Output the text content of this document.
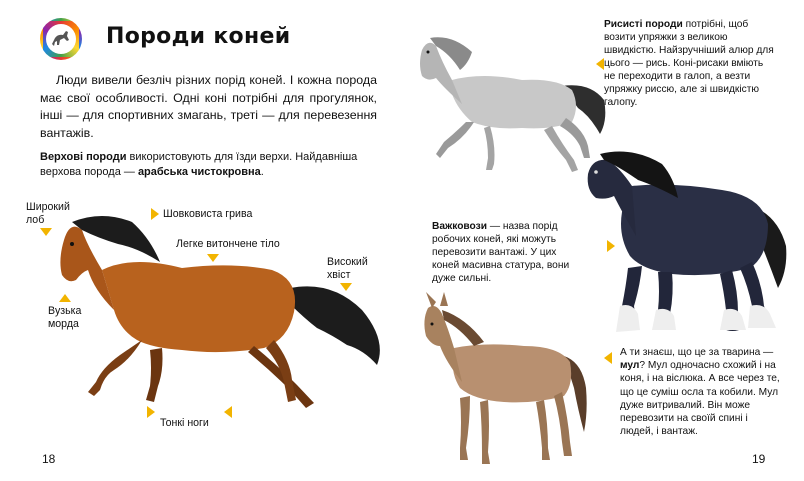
Породи коней
Люди вивели безліч різних порід коней. І кожна порода має свої особливості. Одні коні потрібні для прогулянок, інші — для спортивних змагань, треті — для перевезення вантажів.
Верхові породи використовують для їзди верхи. Найдавніша верхова порода — арабська чистокровна.
Широкий лоб	Шовковиста грива
Легке витончене тіло
Високий хвіст
Вузька морда
Тонкі ноги
18
Рисисті породи потрібні, щоб возити упряжки з великою швидкістю. Найзручніший алюр для цього — рись. Коні-рисаки вміють не переходити в галоп, а везти упряжку риссю, але зі швидкістю галопу.
Важковози — назва порід робочих коней, які можуть перевозити вантажі. У цих коней масивна статура, вони дуже сильні.
А ти знаєш, що це за тварина — мул? Мул одночасно схожий і на коня, і на віслюка. А все через те, що це суміш осла та кобили. Мул дуже витривалий. Він може перевозити на своїй спині і людей, і вантаж.
19
